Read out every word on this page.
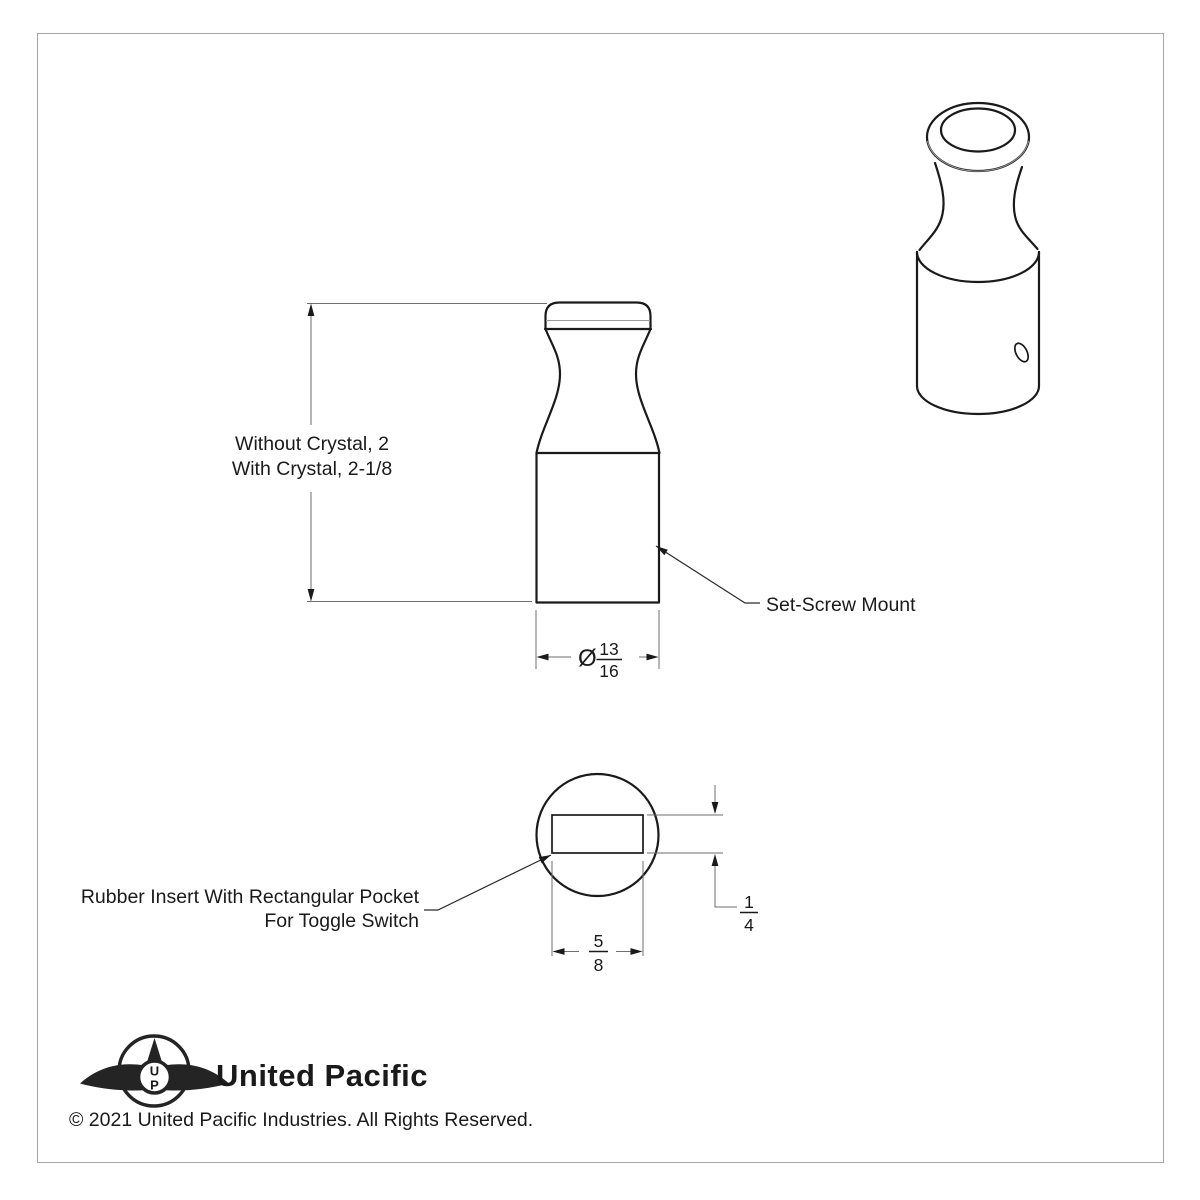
Without Crystal, 2
With Crystal, 2-1/8
Ø 13
16
Set-Screw Mount
1
4
5
8
Rubber Insert With Rectangular Pocket
For Toggle Switch
U
P United Pacific
© 2021 United Pacific Industries. All Rights Reserved.
